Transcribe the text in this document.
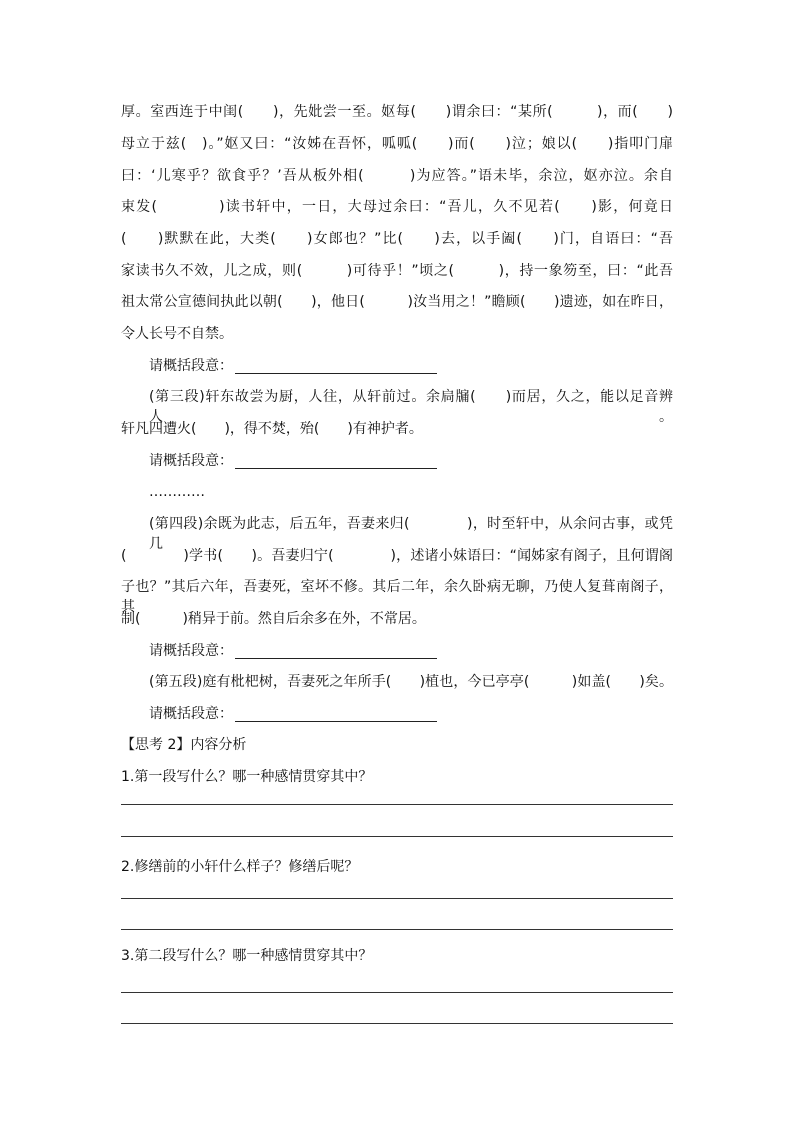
厚。室西连于中闺(　　)，先妣尝一至。妪每(　　)谓余曰：“某所(　　　)，而(　　)
母立于兹(　)。”妪又曰：“汝姊在吾怀，呱呱(　　)而(　　)泣；娘以(　　)指叩门扉
曰：‘儿寒乎？欲食乎？’吾从板外相(　　　)为应答。”语未毕，余泣，妪亦泣。余自
束发(　　　　)读书轩中，一日，大母过余曰：“吾儿，久不见若(　　)影，何竟日
(　　)默默在此，大类(　　)女郎也？”比(　　)去，以手阖(　　)门，自语曰：“吾
家读书久不效，儿之成，则(　　　)可待乎！”顷之(　　　)，持一象笏至，曰：“此吾
祖太常公宣德间执此以朝(　　)，他日(　　　)汝当用之！”瞻顾(　　)遗迹，如在昨日，
令人长号不自禁。
请概括段意：
(第三段)轩东故尝为厨，人往，从轩前过。余扃牖(　　)而居，久之，能以足音辨人。
轩凡四遭火(　　)，得不焚，殆(　　)有神护者。
请概括段意：
…………
(第四段)余既为此志，后五年，吾妻来归(　　　　)，时至轩中，从余问古事，或凭几
(　　　　)学书(　　)。吾妻归宁(　　　　)，述诸小妹语曰：“闻姊家有阁子，且何谓阁
子也？”其后六年，吾妻死，室坏不修。其后二年，余久卧病无聊，乃使人复葺南阁子，其
制(　　　)稍异于前。然自后余多在外，不常居。
请概括段意：
(第五段)庭有枇杷树，吾妻死之年所手(　　)植也，今已亭亭(　　　)如盖(　　)矣。
请概括段意：
【思考 2】内容分析
1.第一段写什么？哪一种感情贯穿其中？
2.修缮前的小轩什么样子？修缮后呢？
3.第二段写什么？哪一种感情贯穿其中？
